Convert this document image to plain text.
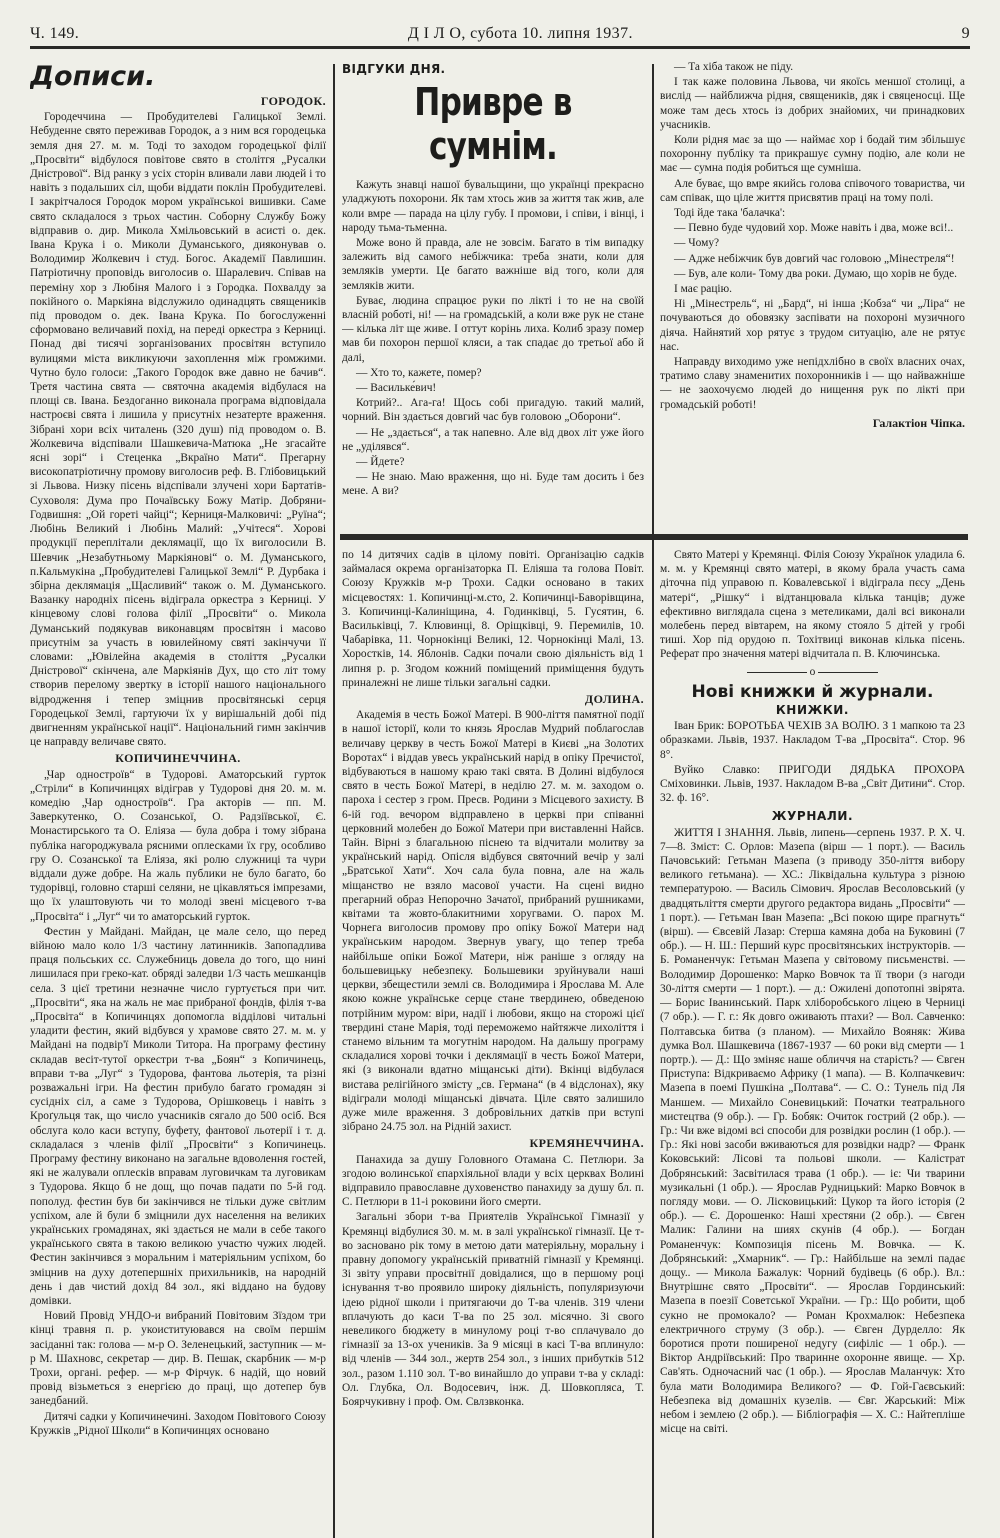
Ч. 149.	Д І Л О, субота 10. липня 1937.	9
Дописи.
ГОРОДОК.

Городеччина — Пробудителеві Галицької Землі. Небуденне свято переживав Городок, а з ним вся городецька земля дня 27. м. м. Тоді то заходом городецької філії „Просвіти“ відбулося повітове свято в столітгя „Русалки Дністрової“. Від ранку з усіх сторін вливали лави людей і то навіть з подальших сіл, щоби віддати поклін Пробудителеві. І закрітчалося Городок мором українськоі вишивки. Саме свято складалося з трьох частин. Соборну Службу Божу відправив о. дир. Микола Хмільовський в асисті о. дек. Івана Крука і о. Миколи Думанського, дияконував о. Володимир Жолкевич і студ. Богос. Академії Павлишин. Патріотичну проповідь виголосив о. Шаралевич. Співав на переміну хор з Любіня Малого і з Городка. Похвалду за покійного о. Маркіяна відслужило одинадцять священиків під проводом о. дек. Івана Крука. По богослуженні сформовано величавий похід, на переді оркестра з Керниці. Понад дві тисячі зорганізованих просвітян вступило вулицями міста викликуючи захоплення між громжими. Чутно було голоси: „Такого Городок вже давно не бачив“. Третя частина свята — святочна академія відбулася на площі св. Івана. Бездоганно виконала програма відповідала настроєві свята і лишила у присутніх незатерте враження. Зібрані хори всіх читалень (320 душ) під проводом о. В. Жолкевича відспівали Шашкевича-Матюка „Не згасайте ясні зорі“ і Стеценка „Вкраїно Мати“. Прегарну високопатріотичну промову виголосив реф. В. Глібовицький зі Львова. Низку пісень відспівали злучені хори Бартатів-Суховоля: Дума про Почаївську Божу Матір. Добряни-Годвишня: „Ой гореті чайці“; Керниця-Малковичі: „Руїна“; Любінь Великий і Любінь Малий: „Учітеся“. Хорові продукції переплітали деклямації, що їх виголосили В. Шевчик „Незабутньому Маркіянові“ о. М. Думанського, п.Кальмукіна „Пробудителеві Галицької Землі“ Р. Дурбака і збірна деклямація „Щасливий“ також о. М. Думанського. Вазанку народніх пісень відіграла оркестра з Керниці. У кінцевому слові голова філії „Просвіти“ о. Микола Думанський подякував виконавцям просвітян і масово присутнім за участь в ювилейному святі закінчучи її словами: „Ювілейна академія в століття „Русалки Дністрової“ скінчена, але Маркіянів Дух, що сто літ тому створив перелому звертку в історії нашого національного відродження і тепер зміцнив просвітянські серця Городецької Землі, гартуючи їх у вирішальній добі під двигненням української нації“. Національний гимн закінчив це направду величаве свято.

КОПИЧИНЕЧЧИНА.

„Чар одностроїв“ в Тудорові. Аматорський гурток „Стріли“ в Копичинцях відіграв у Тудорові дня 20. м. м. комедію „Чар одностроїв“. Гра акторів — пп. М. Заверкутенко, О. Созанської, О. Радзіївської, Є. Монастирського та О. Еліяза — була добра і тому зібрана публіка нагороджувала рясними оплесками їх гру, особливо гру О. Созанської та Еліяза, які ролю служниці та чури віддали дуже добре. На жаль публики не було багато, бо тудорівці, головно старші селяни, не цікавляться імпрезами, що їх улаштовують чи то молоді звені місцевого т-ва „Просвіта“ і „Луг“ чи то аматорський гурток.

Фестин у Майдані. Майдан, це мале село, що перед війною мало коло 1/3 частину латинників. Запопадлива праця польських сс. Служебниць довела до того, що нині лишилася при греко-кат. обряді заледви 1/3 часть мешканців села. З цієї третини незначне число гуртується при чит. „Просвіти“, яка на жаль не має прибраної фондів, філія т-ва „Просвіта“ в Копичинцях допомогла відділові читальні уладити фестин, який відбувся у храмове свято 27. м. м. у Майдані на подвір'ї Миколи Титора. На програму фестину складав весіт-тутої оркестри т-ва „Боян“ з Копичинець, вправи т-ва „Луг“ з Тудорова, фантова льотерія, та різні розважальні ігри. На фестин прибуло багато громадян зі сусідніх сіл, а саме з Тудорова, Орішковець і навіть з Кроґульця так, що число учасників сягало до 500 осіб. Вся обслуга коло каси вступу, буфету, фантової льотерії і т. д. складалася з членів філії „Просвіти“ з Копичинець. Програму фестину виконано на загальне вдоволення гостей, які не жалували оплесків вправам луговичкам та луговикам з Тудорова. Якщо б не дощ, що почав падати по 5-й год. пополуд. фестин був би закінчився не тільки дуже світлим успіхом, але й були б зміцнили дух населення на великих українських громадянах, які здається не мали в себе такого українського свята в такою великою участю чужих людей. Фестин закінчився з моральним і матеріяльним успіхом, бо зміцнив на духу дотепершніх прихильників, на народній день і дав чистий дохід 84 зол., які віддано на будову домівки.

Новий Провід УНДО-и вибраний Повітовим Зїздом три кінці травня п. р. укоиституювався на своїм першім засіданні так: голова — м-р О. Зеленецький, заступник — м-р М. Шахновс, секретар — дир. В. Пешак, скарбник — м-р Трохи, органі. рефер. — м-р Фірчук. 6 надій, що новий провід візьметься з енергією до праці, що дотепер був занедбаний.

Дитячі садки у Копичинечині. Заходом Повітового Союзу Кружків „Рідної Школи“ в Копичинцях основано

ВІДГУКИ ДНЯ.
Привре в сумнім.

Кажуть знавці нашої бувальщини, що українці прекрасно уладжують похорони. Як там хтось жив за життя так жив, але коли вмре — парада на цілу губу. І промови, і співи, і вінці, і народу тьма-тьменна.

Може воно й правда, але не зовсім. Багато в тім випадку залежить від самого небіжчика: треба знати, коли для земляків умерти. Це багато важніше від того, коли для земляків жити.

Буває, людина спрацює руки по лікті і то не на своїй власній роботі, ні! — на громадській, а коли вже рук не стане — кілька літ ще живе. І оттут корінь лиха. Колиб зразу помер мав би похорон першої кляси, а так спадає до третьої або й далі,

— Хто то, кажете, помер?

— Васильке́вич!

Котрий?.. Ага-га! Щось собі пригадую. такий малий, чорний. Він здається довгий час був головою „Оборони“.

— Не „здається“, а так напевно. Але від двох літ уже його не „уділявся“.

— Йдете?

— Не знаю. Маю враження, що ні. Буде там досить і без мене. А ви?

— Та хіба також не піду.

І так каже половина Львова, чи якоїсь меншої столиці, а вислід — найближча рідня, священиків, дяк і свяценосці. Ще може там десь хтось із добрих знайомих, чи принадкових учасників.

Коли рідня має за що — наймає хор і бодай тим збільшує похоронну публіку та прикрашує сумну подію, але коли не має — сумна подія робиться ще сумніша.

Але буває, що вмре якийсь голова співочого товариства, чи сам співак, що ціле життя присвятив праці на тому полі.

Тоді йде така 'балачка':

— Певно буде чудовий хор. Може навіть і два, може всі!..

— Чому?

— Адже небіжчик був довгий час головою „Мінестреля“!

— Був, але коли- Тому два роки. Думаю, що хорів не буде.

І має рацію.

Ні „Мінестрель“, ні „Бард“, ні інша ;Кобза“ чи „Ліра“ не почуваються до обовязку заспівати на похороні музичного діяча. Найнятий хор рятує з трудом ситуацію, але не рятує нас.

Направду виходимо уже непідхлібно в своїх власних очах, тратимо славу знаменитих похоронників і — що найважніше — не заохочуємо людей до нищення рук по лікті при громадській роботі!

Галактіон Чіпка.

по 14 дитячих садів в цілому повіті. Організацію садків займалася окрема організаторка П. Еліяша та голова Повіт. Союзу Кружків м-р Трохи. Садки основано в таких місцевостях: 1. Копичинці-м.сто, 2. Копичинці-Баворівщина, 3. Копичинці-Калиніщина, 4. Годинківці, 5. Гусятин, 6. Васильківці, 7. Клювинці, 8. Оріщківці, 9. Перемилів, 10. Чабарівка, 11. Чорнокінці Великі, 12. Чорнокінці Малі, 13. Хоростків, 14. Яблонів. Садки почали свою діяльність від 1 липня р. р. Згодом кожний поміщений приміщення будуть приналежні не лише тільки загальні садки.

ДОЛИНА.

Академія в честь Божої Матері. В 900-ліття памятної події в нашої історії, коли то князь Ярослав Мудрий поблагослав величаву церкву в честь Божої Матері в Києві „на Золотих Воротах“ і віддав увесь український нарід в опіку Пречистої, відбуваються в нашому краю такі свята. В Долині відбулося свято в честь Божої Матері, в неділю 27. м. м. заходом о. пароха і сестер з гром. Пресв. Родини з Місцевого захисту. В 6-ій год. вечором відправлено в церкві при співанні церковний молебен до Божої Матери при виставленні Найсв. Тайн. Вірні з благальною піснею та відчитали молитву за український нарід. Опісля відбувся святочний вечір у залі „Братської Хати“. Хоч сала була повна, але на жаль міщанство не взяло масової участи. На сцені видно прегарний образ Непорочно Зачатої, прибраний рушниками, квітами та жовто-блакитними хоругвами. О. парох М. Чорнега виголосив промову про опіку Божої Матери над українським народом. Звернув увагу, що тепер треба найбільше опіки Божої Матери, ніж раніше з огляду на большевицьку небезпеку. Большевики зруйнували наші церкви, збещестили землі св. Володимира і Ярослава М. Але якою кожне українське серце стане твердинею, обведеною потрійним муром: віри, надії і любови, якщо на сторожі цієї твердині стане Марія, тоді переможемо найтяжче лихоліття і станемо вільним та могутнім народом. На дальшу програму складалися хорові точки і деклямації в честь Божої Матери, які (з виконали вдатно міщанські діти). Вкінці відбулася вистава релігійного змісту „св. Германа“ (в 4 відслонах), яку відіграли молоді міщанські дівчата. Ціле свято залишило дуже миле враження. З добровільних датків при вступі зібрано 24.75 зол. на Рідній захист.

КРЕМЯНЕЧЧИНА.

Панахида за душу Головного Отамана С. Петлюри. За згодою волинської єпархіяльної влади у всіх церквах Волині відправило православне духовенство панаxиду за душу бл. п. С. Петлюри в 11-і роковини його смерти.

Загальні збори т-ва Приятелів Української Гімназії у Кремянці відбулися 30. м. м. в залі української гімназії. Це т-во засновано рік тому в метою дати матеріяльну, моральну і правну допомогу українській приватній гімназії у Кремянці. Зі звіту управи просвітнії довідалися, що в першому році існування т-во проявило широку діяльність, популяризуючи ідею рідної школи і притягаючи до Т-ва членів. 319 члени вплачують до каси Т-ва по 25 зол. місячно. Зі свого невеликого бюджету в минулому році т-во сплачувало до гімназії за 13-ох учеників. За 9 місяці в касі Т-ва вплинуло: від членів — 344 зол., жертв 254 зол., з інших прибутків 512 зол., разом 1.110 зол. Т-во винайшло до управи т-ва у складі: Ол. Глубка, Ол. Водосевич, інж. Д. Шовкопляса, Т. Бояpчукивну і проф. Ом. Свлзвконка.

Свято Матері у Кремянці. Філія Союзу Українок уладила 6. м. м. у Кремянці свято матері, в якому брала участь сама діточна під управою п. Ковалевської і відіграла пєсу „День матері“, „Рішку“ і відтанцювала кілька танців; дуже ефективно виглядала сцена з метеликами, далі всі виконали молебень перед вівтарем, на якому стояло 5 дітей у гробі тиші. Хор під орудою п. Тохітвиці виконав кілька пісень. Реферат про значення матері відчитала п. В. Ключинська.

o
Нові книжки й журнали.
КНИЖКИ.

Іван Брик: БОРОТЬБА ЧЕХІВ ЗА ВОЛЮ. З 1 мапкою та 23 образками. Львів, 1937. Накладом Т-ва „Просвіта“. Стор. 96 8°.

Вуйко Славко: ПРИГОДИ ДЯДЬКА ПРОХОРА Сміховинки. Львів, 1937. Накладом В-ва „Світ Дитини“. Стор. 32. ф. 16°.

ЖУРНАЛИ.

ЖИТТЯ І ЗНАННЯ. Львів, липень—серпень 1937. Р. Х. Ч. 7—8. Зміст: С. Орлов: Мазепа (вірш — 1 порт.). — Василь Пачовський: Гетьман Мазепа (з приводу 350-ліття вибору великого гетьмана). — ХС.: Ліквідальна культура з різною температурою. — Василь Сімович. Ярослав Весоловський (у двадцятьліття смерти другого редактора видань „Просвіти“ — 1 порт.). — Гетьман Іван Мазепа: „Всі покою щире прагнуть“ (вірш). — Євсевій Лазар: Стерша камяна доба на Буковині (7 обр.). — Н. Ш.: Перший курс просвітянських інструкторів. — Б. Романенчук: Гетьман Мазепа у світовому письменстві. — Володимир Дорошенко: Марко Вовчок та її твори (з нагоди 30-ліття смерти — 1 порт.). — д.: Ожилені допотопні звірята. — Борис Іванинський. Парк хліборобського ліцею в Черниці (7 обр.). — Г. г.: Як довго оживають птахи? — Вол. Савченко: Полтавська битва (з планом). — Михайло Вояняк: Жива думка Вол. Шашкевича (1867-1937 — 60 роки від смерти — 1 портр.). — Д.: Що зміняє наше обличчя на старість? — Євген Приступа: Відкриваємо Африку (1 мапа). — В. Колпачкевич: Мазепа в поемі Пушкіна „Полтава“. — С. О.: Тунель під Ля Маншем. — Михайло Соневицький: Початки театрального мистецтва (9 обр.). — Гр. Бобяк: Очиток гострий (2 обр.). — Гр.: Чи вже відомі всі способи для розвідки рослин (1 обр.). — Гр.: Які нові засоби вживаються для розвідки надр? — Франк Коковський: Лісові та польові школи. — Калістрат Добрянський: Засвітилася трава (1 обр.). — іє: Чи тварини музикальні (1 обр.). — Ярослав Рудницький: Марко Вовчок в погляду мови. — О. Лісковицький: Цукор та його історія (2 обр.). — Є. Дорошенко: Наші хрестяни (2 обр.). — Євген Малик: Галини на шиях скунів (4 обр.). — Богдан Романенчук: Композиція пісень М. Вовчка. — К. Добрянський: „Хмарник“. — Гр.: Найбільше на землі падає дощу.. — Микола Бажалук: Чорний будівець (6 обр.). Вл.: Внутрішнє свято „Просвіти“. — Ярослав Гординський: Мазепа в поезії Советської України. — Гр.: Що робити, щоб сукно не промокало? — Роман Крохмалюк: Небезпека електричного струму (3 обр.). — Євген Дурделло: Як боротися проти поширеної недугу (сифіліс — 1 обр.). — Віктор Андріївський: Про тваринне охоронне явище. — Хр. Сав'ять. Одночасний час (1 обр.). — Ярослав Маланчук: Хто була мати Володимира Великого? — Ф. Гой-Гаєвський: Небезпека від домашніх кузелів. — Євг. Жарський: Між небом і землею (2 обр.). — Бібліографія — Х. С.: Найтепліше місце на світі.
